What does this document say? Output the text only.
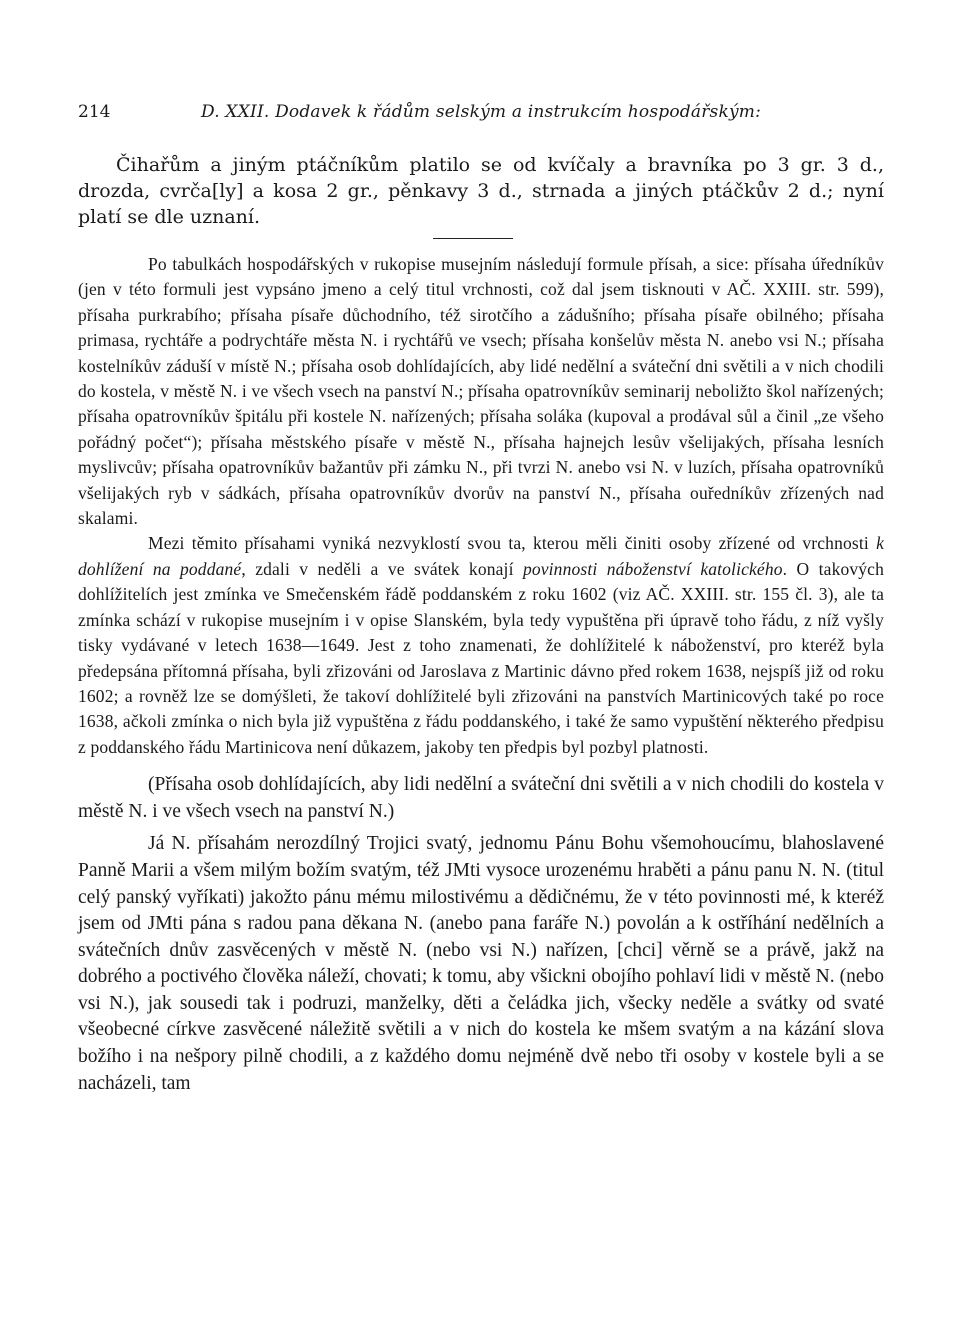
214	D. XXII. Dodavek k řádům selským a instrukcím hospodářským:

Čihařům a jiným ptáčníkům platilo se od kvíčaly a bravníka po 3 gr. 3 d., drozda, cvrča[ly] a kosa 2 gr., pěnkavy 3 d., strnada a jiných ptáčkův 2 d.; nyní platí se dle uznaní.

Po tabulkách hospodářských v rukopise musejním následují formule přísah, a sice: přísaha úředníkův (jen v této formuli jest vypsáno jmeno a celý titul vrchnosti, což dal jsem tisknouti v AČ. XXIII. str. 599), přísaha purkrabího; přísaha písaře důchodního, též sirotčího a zádušního; přísaha písaře obilného; přísaha primasa, rychtáře a podrychtáře města N. i rychtářů ve vsech; přísaha konšelův města N. anebo vsi N.; přísaha kostelníkův záduší v místě N.; přísaha osob dohlídajících, aby lidé nedělní a sváteční dni světili a v nich chodili do kostela, v městě N. i ve všech vsech na panství N.; přísaha opatrovníkův seminarij neboližto škol nařízených; přísaha opatrovníkův špitálu při kostele N. nařízených; přísaha soláka (kupoval a prodával sůl a činil „ze všeho pořádný počet“); přísaha městského písaře v městě N., přísaha hajnejch lesův všelijakých, přísaha lesních myslivcův; přísaha opatrovníkův bažantův při zámku N., při tvrzi N. anebo vsi N. v luzích, přísaha opatrovníků všelijakých ryb v sádkách, přísaha opatrovníkův dvorův na panství N., přísaha ouředníkův zřízených nad skalami.

Mezi těmito přísahami vyniká nezvyklostí svou ta, kterou měli činiti osoby zřízené od vrchnosti k dohlížení na poddané, zdali v neděli a ve svátek konají povinnosti náboženství katolického. O takových dohlížitelích jest zmínka ve Smečenském řádě poddanském z roku 1602 (viz AČ. XXIII. str. 155 čl. 3), ale ta zmínka schází v rukopise musejním i v opise Slanském, byla tedy vypuštěna při úpravě toho řádu, z níž vyšly tisky vydávané v letech 1638—1649. Jest z toho znamenati, že dohlížitelé k náboženství, pro kteréž byla předepsána přítomná přísaha, byli zřizováni od Jaroslava z Martinic dávno před rokem 1638, nejspíš již od roku 1602; a rovněž lze se domýšleti, že takoví dohlížitelé byli zřizováni na panstvích Martinicových také po roce 1638, ačkoli zmínka o nich byla již vypuštěna z řádu poddanského, i také že samo vypuštění některého předpisu z poddanského řádu Martinicova není důkazem, jakoby ten předpis byl pozbyl platnosti.

(Přísaha osob dohlídajících, aby lidi nedělní a sváteční dni světili a v nich chodili do kostela v městě N. i ve všech vsech na panství N.)

Já N. přísahám nerozdílný Trojici svatý, jednomu Pánu Bohu všemohoucímu, blahoslavené Panně Marii a všem milým božím svatým, též JMti vysoce urozenému hraběti a pánu panu N. N. (titul celý panský vyříkati) jakožto pánu mému milostivému a dědičnému, že v této povinnosti mé, k kteréž jsem od JMti pána s radou pana děkana N. (anebo pana faráře N.) povolán a k ostříhání nedělních a svátečních dnův zasvěcených v městě N. (nebo vsi N.) nařízen, [chci] věrně se a právě, jakž na dobrého a poctivého člověka náleží, chovati; k tomu, aby všickni obojího pohlaví lidi v městě N. (nebo vsi N.), jak sousedi tak i podruzi, manželky, děti a čeládka jich, všecky neděle a svátky od svaté všeobecné církve zasvěcené náležitě světili a v nich do kostela ke mšem svatým a na kázání slova božího i na nešpory pilně chodili, a z každého domu nejméně dvě nebo tři osoby v kostele byli a se nacházeli, tam
